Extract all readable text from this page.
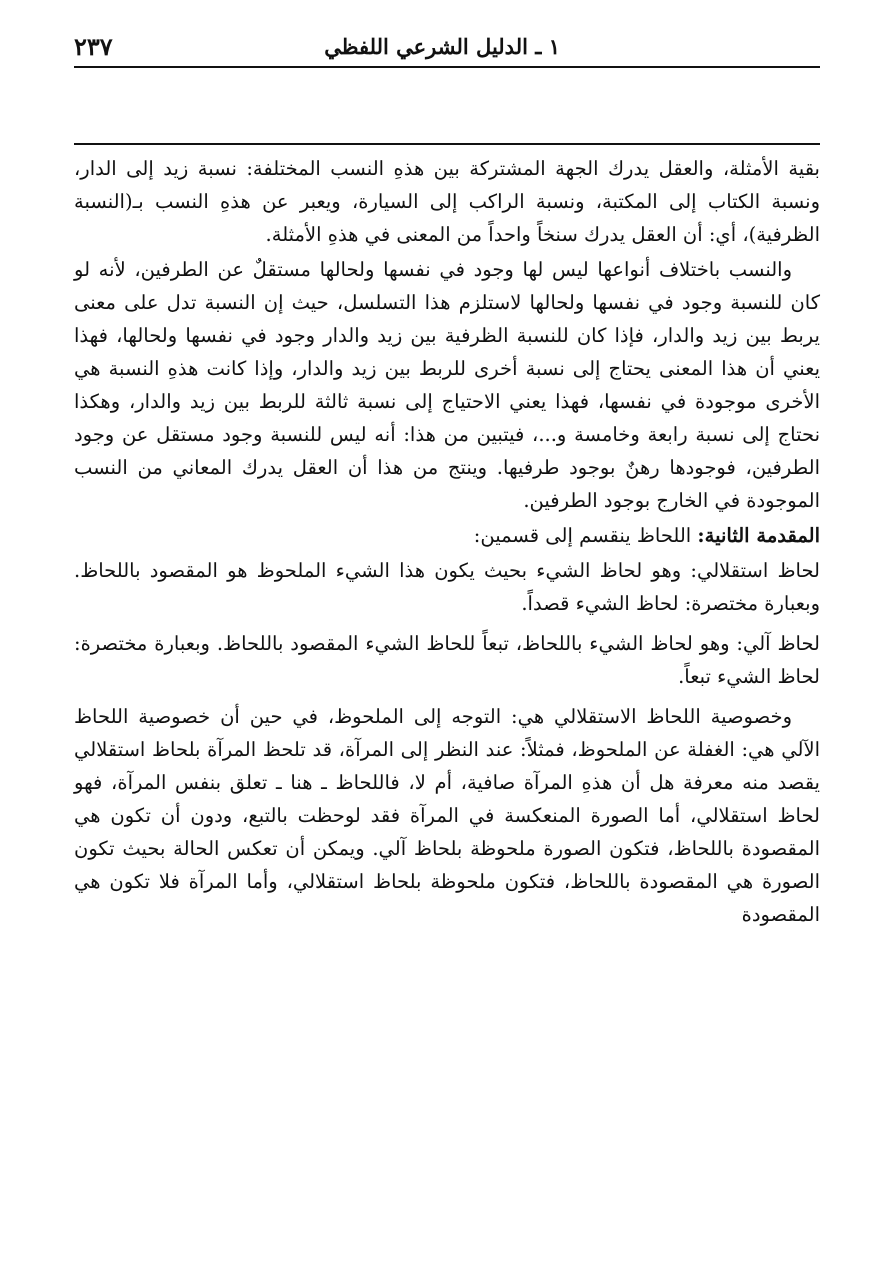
١ ـ الدليل الشرعي اللفظي
٢٣٧

بقية الأمثلة، والعقل يدرك الجهة المشتركة بين هذهِ النسب المختلفة: نسبة زيد إلى الدار، ونسبة الكتاب إلى المكتبة، ونسبة الراكب إلى السيارة، ويعبر عن هذهِ النسب بـ(النسبة الظرفية)، أي: أن العقل يدرك سنخاً واحداً من المعنى في هذهِ الأمثلة.

والنسب باختلاف أنواعها ليس لها وجود في نفسها ولحالها مستقلٌ عن الطرفين، لأنه لو كان للنسبة وجود في نفسها ولحالها لاستلزم هذا التسلسل، حيث إن النسبة تدل على معنى يربط بين زيد والدار، فإذا كان للنسبة الظرفية بين زيد والدار وجود في نفسها ولحالها، فهذا يعني أن هذا المعنى يحتاج إلى نسبة أخرى للربط بين زيد والدار، وإذا كانت هذهِ النسبة هي الأخرى موجودة في نفسها، فهذا يعني الاحتياج إلى نسبة ثالثة للربط بين زيد والدار، وهكذا نحتاج إلى نسبة رابعة وخامسة و...، فيتبين من هذا: أنه ليس للنسبة وجود مستقل عن وجود الطرفين، فوجودها رهنٌ بوجود طرفيها. وينتج من هذا أن العقل يدرك المعاني من النسب الموجودة في الخارج بوجود الطرفين.

المقدمة الثانية: اللحاظ ينقسم إلى قسمين:

لحاظ استقلالي: وهو لحاظ الشيء بحيث يكون هذا الشيء الملحوظ هو المقصود باللحاظ. وبعبارة مختصرة: لحاظ الشيء قصداً.

لحاظ آلي: وهو لحاظ الشيء باللحاظ، تبعاً للحاظ الشيء المقصود باللحاظ. وبعبارة مختصرة: لحاظ الشيء تبعاً.

وخصوصية اللحاظ الاستقلالي هي: التوجه إلى الملحوظ، في حين أن خصوصية اللحاظ الآلي هي: الغفلة عن الملحوظ، فمثلاً: عند النظر إلى المرآة، قد تلحظ المرآة بلحاظ استقلالي يقصد منه معرفة هل أن هذهِ المرآة صافية، أم لا، فاللحاظ ـ هنا ـ تعلق بنفس المرآة، فهو لحاظ استقلالي، أما الصورة المنعكسة في المرآة فقد لوحظت بالتبع، ودون أن تكون هي المقصودة باللحاظ، فتكون الصورة ملحوظة بلحاظ آلي. ويمكن أن تعكس الحالة بحيث تكون الصورة هي المقصودة باللحاظ، فتكون ملحوظة بلحاظ استقلالي، وأما المرآة فلا تكون هي المقصودة
